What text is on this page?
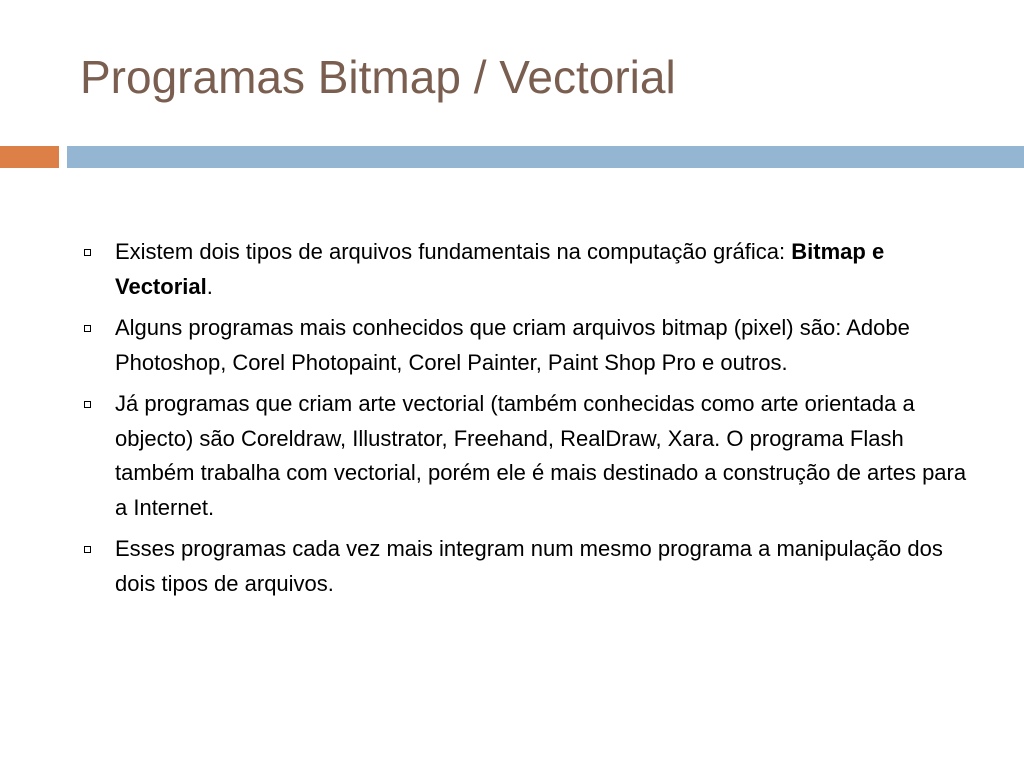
Programas Bitmap / Vectorial
Existem dois tipos de arquivos fundamentais na computação gráfica: Bitmap e Vectorial.
Alguns programas mais conhecidos que criam arquivos bitmap (pixel) são: Adobe Photoshop, Corel Photopaint, Corel Painter, Paint Shop Pro e outros.
Já programas que criam arte vectorial (também conhecidas como arte orientada a objecto) são Coreldraw, Illustrator, Freehand, RealDraw, Xara. O programa Flash também trabalha com vectorial, porém ele é mais destinado a construção de artes para a Internet.
Esses programas cada vez mais integram num mesmo programa a manipulação dos dois tipos de arquivos.
